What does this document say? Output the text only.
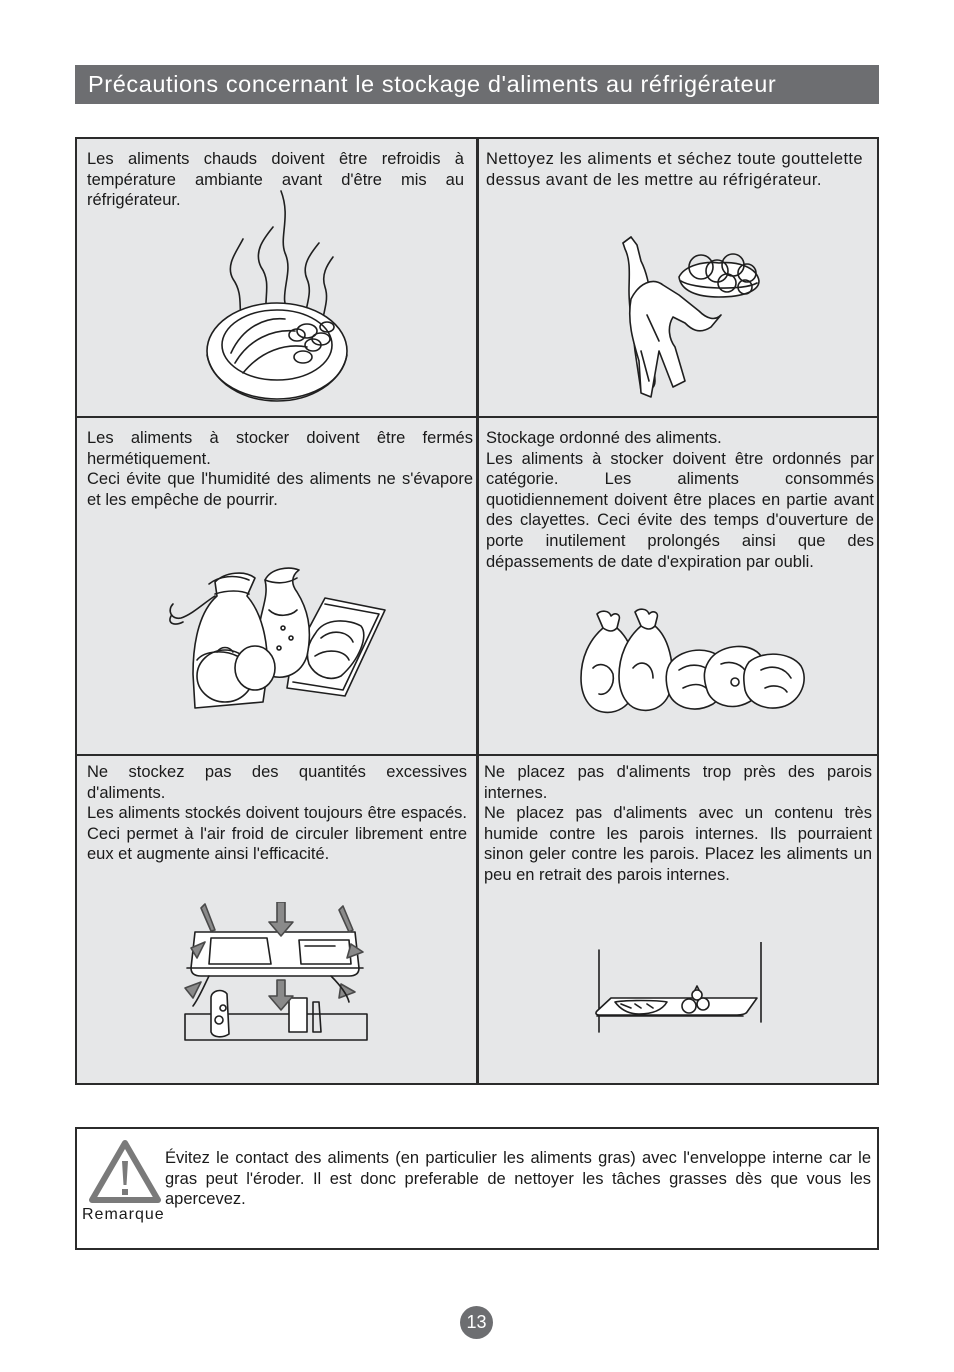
Précautions concernant le stockage d'aliments au réfrigérateur

Les aliments chauds doivent être refroidis à température ambiante avant d'être mis au réfrigérateur.

Nettoyez les aliments et séchez toute gouttelette dessus avant de les mettre au réfrigérateur.

Les aliments à stocker doivent être fermés hermétiquement.
Ceci évite que l'humidité des aliments ne s'évapore et les empêche de pourrir.

Stockage ordonné des aliments.
Les aliments à stocker doivent être ordonnés par catégorie. Les aliments consommés quotidiennement doivent être places en partie avant des clayettes. Ceci évite des temps d'ouverture de porte inutilement prolongés ainsi que des dépassements de date d'expiration par oubli.

Ne stockez pas des quantités excessives d'aliments.
Les aliments stockés doivent toujours être espacés. Ceci permet à l'air froid de circuler librement entre eux et augmente ainsi l'efficacité.

Ne placez pas d'aliments trop près des parois internes.
Ne placez pas d'aliments avec un contenu très humide contre les parois internes. Ils pourraient sinon geler contre les parois. Placez les aliments un peu en retrait des parois internes.

Évitez le contact des aliments (en particulier les aliments gras) avec l'enveloppe interne car le gras peut l'éroder. Il est donc preferable de nettoyer les tâches grasses dès que vous les apercevez.

Remarque
13
